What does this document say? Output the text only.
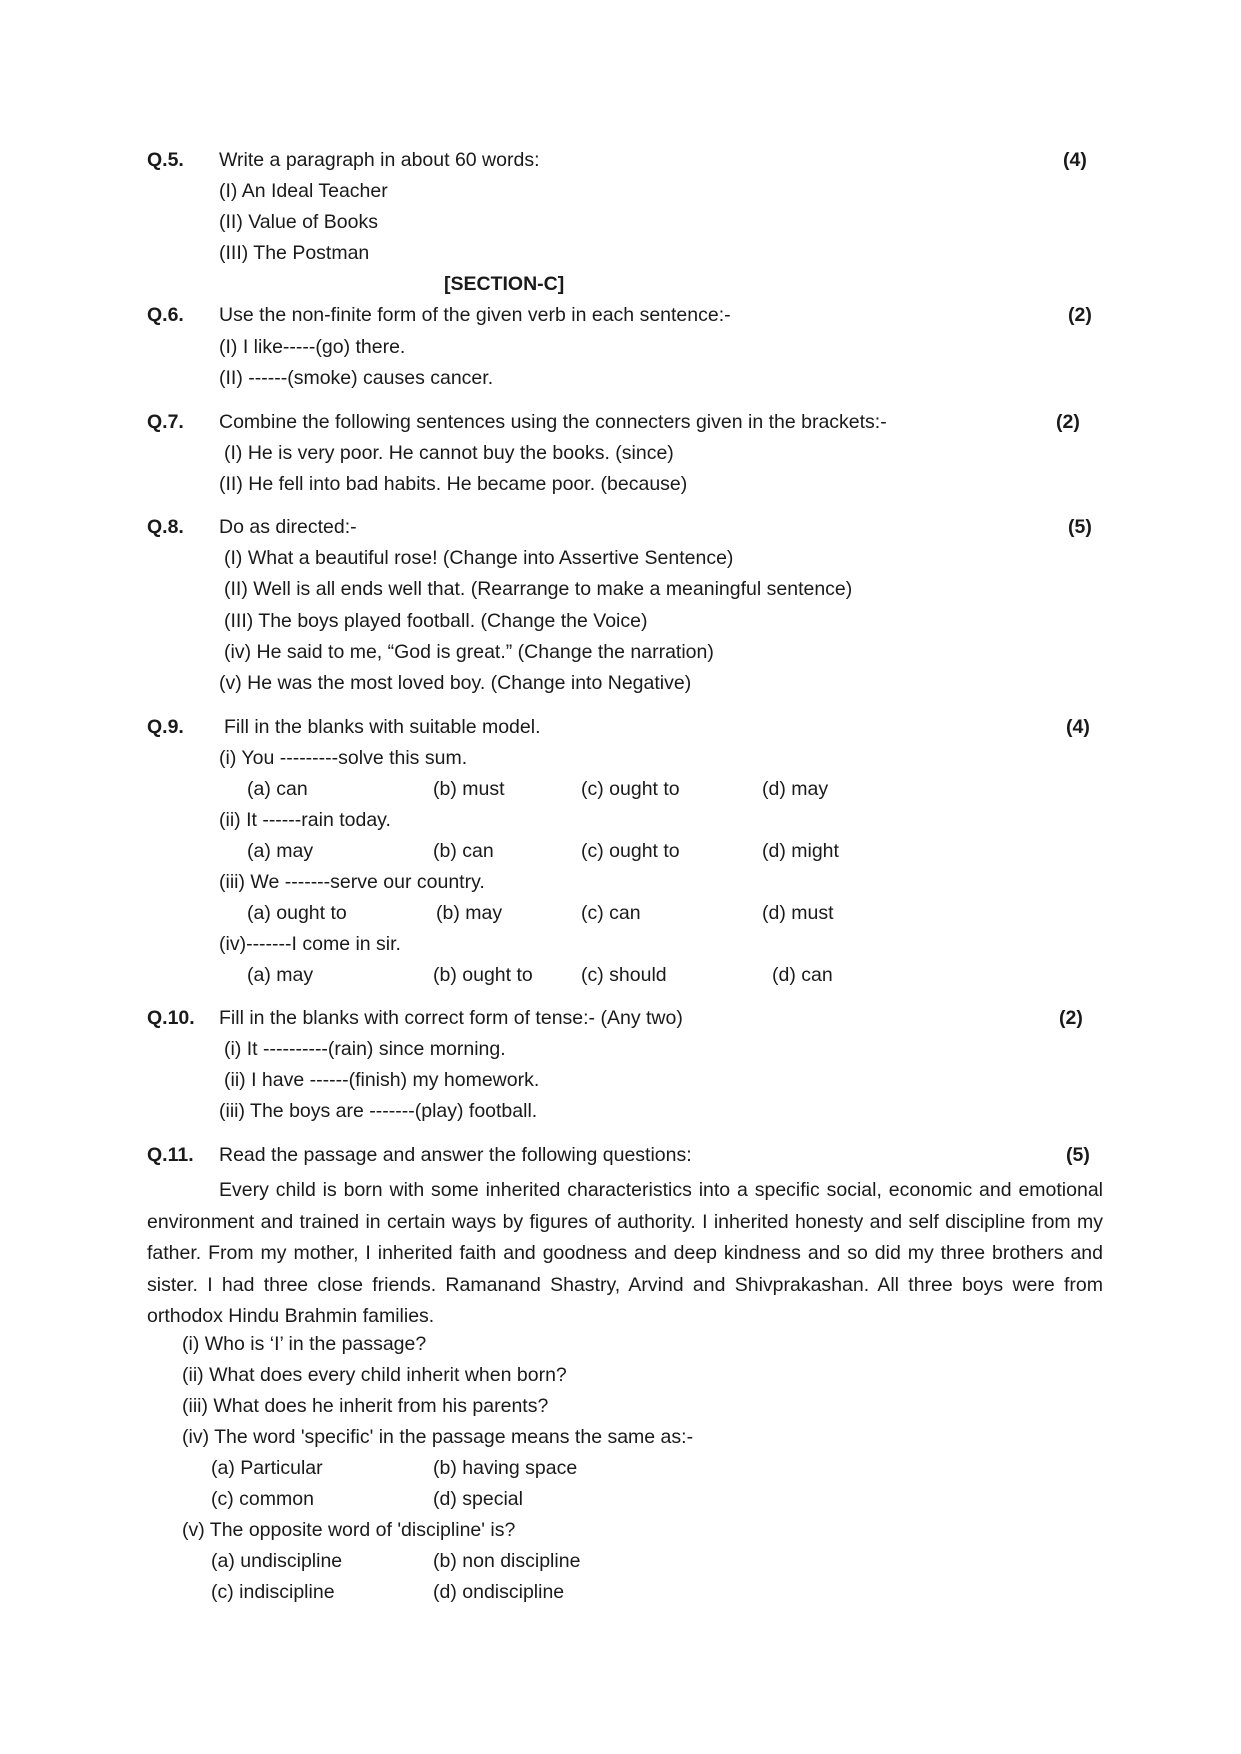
Q.5. Write a paragraph in about 60 words:	(4)
(I) An Ideal Teacher
(II) Value of Books
(III) The Postman
[SECTION-C]
Q.6. Use the non-finite form of the given verb in each sentence:-	(2)
(I) I like-----(go) there.
(II) ------(smoke) causes cancer.
Q.7. Combine the following sentences using the connecters given in the brackets:-	(2)
(I) He is very poor. He cannot buy the books. (since)
(II) He fell into bad habits. He became poor. (because)
Q.8. Do as directed:-	(5)
(I) What a beautiful rose! (Change into Assertive Sentence)
(II) Well is all ends well that. (Rearrange to make a meaningful sentence)
(III) The boys played football. (Change the Voice)
(iv) He said to me, “God is great.” (Change the narration)
(v) He was the most loved boy. (Change into Negative)
Q.9. Fill in the blanks with suitable model.	(4)
(i) You ---------solve this sum.
(a) can	(b) must	(c) ought to	(d) may
(ii) It ------rain today.
(a) may	(b) can	(c) ought to	(d) might
(iii) We -------serve our country.
(a) ought to	(b) may	(c) can	(d) must
(iv)-------I come in sir.
(a) may	(b) ought to (c) should	(d) can
Q.10. Fill in the blanks with correct form of tense:- (Any two)	(2)
(i) It ----------(rain) since morning.
(ii) I have ------(finish) my homework.
(iii) The boys are -------(play) football.
Q.11. Read the passage and answer the following questions:	(5)

Every child is born with some inherited characteristics into a specific social, economic and emotional environment and trained in certain ways by figures of authority. I inherited honesty and self discipline from my father. From my mother, I inherited faith and goodness and deep kindness and so did my three brothers and sister. I had three close friends. Ramanand Shastry, Arvind and Shivprakashan. All three boys were from orthodox Hindu Brahmin families.

(i) Who is ‘I’ in the passage?
(ii) What does every child inherit when born?
(iii) What does he inherit from his parents?
(iv) The word 'specific' in the passage means the same as:-
(a) Particular	(b) having space
(c) common	(d) special
(v) The opposite word of 'discipline' is?
(a) undiscipline	(b) non discipline
(c) indiscipline	(d) ondiscipline
